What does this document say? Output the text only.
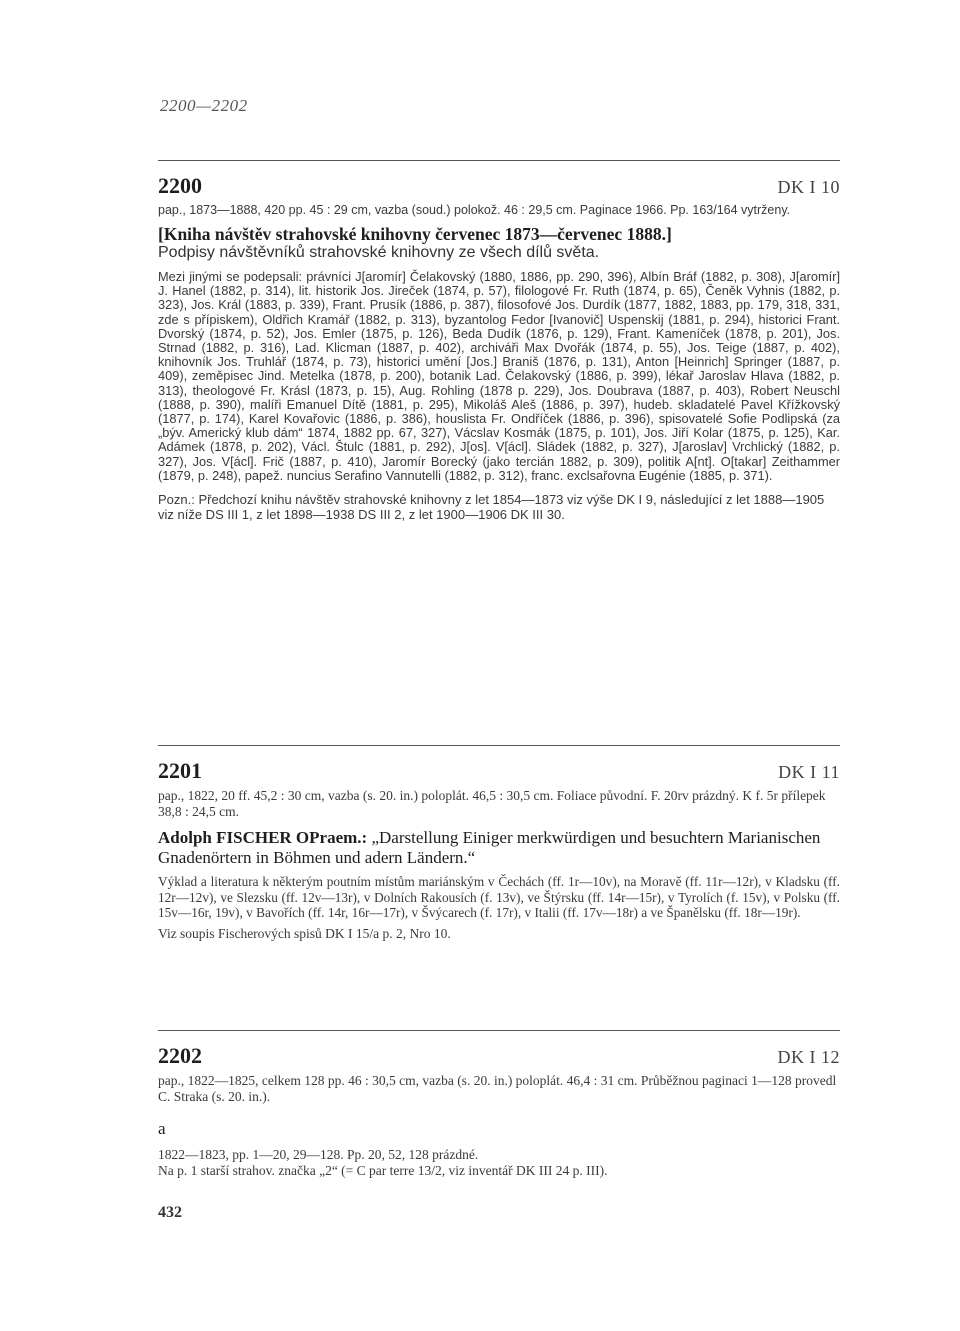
2200—2202
2200	DK I 10
pap., 1873—1888, 420 pp. 45 : 29 cm, vazba (soud.) polokož. 46 : 29,5 cm. Paginace 1966. Pp. 163/164 vytrženy.
[Kniha návštěv strahovské knihovny červenec 1873—červenec 1888.]
Podpisy návštěvníků strahovské knihovny ze všech dílů světa.
Mezi jinými se podepsali: právníci J[aromír] Čelakovský (1880, 1886, pp. 290, 396), Albín Bráf (1882, p. 308), J[aromír] J. Hanel (1882, p. 314), lit. historik Jos. Jireček (1874, p. 57), filologové Fr. Ruth (1874, p. 65), Čeněk Vyhnis (1882, p. 323), Jos. Král (1883, p. 339), Frant. Prusík (1886, p. 387), filosofové Jos. Durdík (1877, 1882, 1883, pp. 179, 318, 331, zde s přípiskem), Oldřich Kramář (1882, p. 313), byzantolog Fedor [Ivanovič] Uspenskij (1881, p. 294), historici Frant. Dvorský (1874, p. 52), Jos. Emler (1875, p. 126), Beda Dudík (1876, p. 129), Frant. Kameníček (1878, p. 201), Jos. Strnad (1882, p. 316), Lad. Klicman (1887, p. 402), archiváři Max Dvořák (1874, p. 55), Jos. Teige (1887, p. 402), knihovník Jos. Truhlář (1874, p. 73), historici umění [Jos.] Braniš (1876, p. 131), Anton [Heinrich] Springer (1887, p. 409), zeměpisec Jind. Metelka (1878, p. 200), botanik Lad. Čelakovský (1886, p. 399), lékař Jaroslav Hlava (1882, p. 313), theologové Fr. Krásl (1873, p. 15), Aug. Rohling (1878 p. 229), Jos. Doubrava (1887, p. 403), Robert Neuschl (1888, p. 390), malíři Emanuel Dítě (1881, p. 295), Mikoláš Aleš (1886, p. 397), hudeb. skladatelé Pavel Křížkovský (1877, p. 174), Karel Kovařovic (1886, p. 386), houslista Fr. Ondříček (1886, p. 396), spisovatelé Sofie Podlipská (za „býv. Americký klub dám“ 1874, 1882 pp. 67, 327), Vácslav Kosmák (1875, p. 101), Jos. Jiří Kolar (1875, p. 125), Kar. Adámek (1878, p. 202), Václ. Štulc (1881, p. 292), J[os]. V[ácl]. Sládek (1882, p. 327), J[aroslav] Vrchlický (1882, p. 327), Jos. V[ácl]. Frič (1887, p. 410), Jaromír Borecký (jako tercián 1882, p. 309), politik A[nt]. O[takar] Zeithammer (1879, p. 248), papež. nuncius Serafino Vannutelli (1882, p. 312), franc. exclsařovna Eugénie (1885, p. 371).
Pozn.: Předchozí knihu návštěv strahovské knihovny z let 1854—1873 viz výše DK I 9, následující z let 1888—1905 viz níže DS III 1, z let 1898—1938 DS III 2, z let 1900—1906 DK III 30.
2201	DK I 11
pap., 1822, 20 ff. 45,2 : 30 cm, vazba (s. 20. in.) poloplát. 46,5 : 30,5 cm. Foliace původní. F. 20rv prázdný. K f. 5r přílepek 38,8 : 24,5 cm.
Adolph FISCHER OPraem.: „Darstellung Einiger merkwürdigen und besuchtern Marianischen Gnadenörtern in Böhmen und adern Ländern.“
Výklad a literatura k některým poutním místům mariánským v Čechách (ff. 1r—10v), na Moravě (ff. 11r—12r), v Kladsku (ff. 12r—12v), ve Slezsku (ff. 12v—13r), v Dolních Rakousích (f. 13v), ve Štýrsku (ff. 14r—15r), v Tyrolích (f. 15v), v Polsku (ff. 15v—16r, 19v), v Bavořích (ff. 14r, 16r—17r), v Švýcarech (f. 17r), v Italii (ff. 17v—18r) a ve Španělsku (ff. 18r—19r).
Viz soupis Fischerových spisů DK I 15/a p. 2, Nro 10.
2202	DK I 12
pap., 1822—1825, celkem 128 pp. 46 : 30,5 cm, vazba (s. 20. in.) poloplát. 46,4 : 31 cm. Průběžnou paginaci 1—128 provedl C. Straka (s. 20. in.).
a
1822—1823, pp. 1—20, 29—128. Pp. 20, 52, 128 prázdné.
Na p. 1 starší strahov. značka „2“ (= C par terre 13/2, viz inventář DK III 24 p. III).
432
